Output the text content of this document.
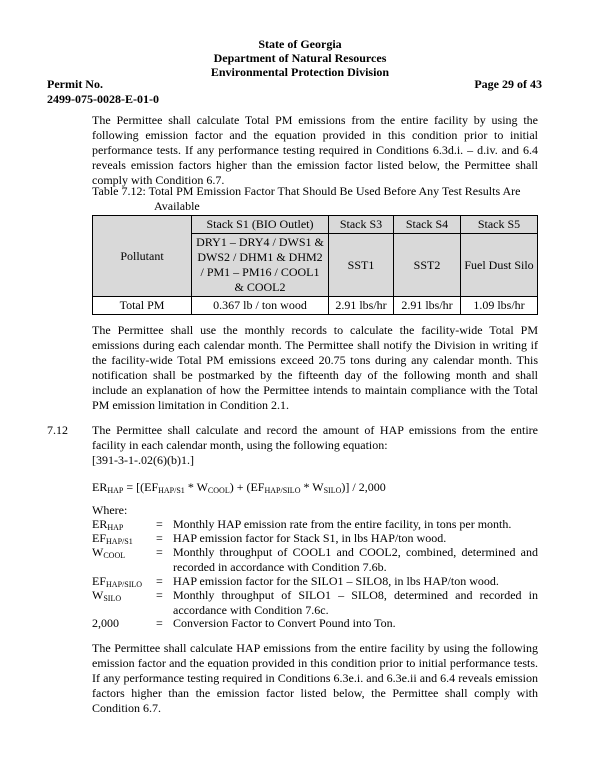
State of Georgia
Department of Natural Resources
Environmental Protection Division
Permit No.
2499-075-0028-E-01-0
Page 29 of 43
The Permittee shall calculate Total PM emissions from the entire facility by using the following emission factor and the equation provided in this condition prior to initial performance tests. If any performance testing required in Conditions 6.3d.i. – d.iv. and 6.4 reveals emission factors higher than the emission factor listed below, the Permittee shall comply with Condition 6.7.
Table 7.12: Total PM Emission Factor That Should Be Used Before Any Test Results Are
Available
Pollutant	Stack S1 (BIO Outlet)	Stack S3	Stack S4	Stack S5
	DRY1 – DRY4 / DWS1 & DWS2 / DHM1 & DHM2 / PM1 – PM16 / COOL1 & COOL2	SST1	SST2	Fuel Dust Silo
Total PM	0.367 lb / ton wood	2.91 lbs/hr	2.91 lbs/hr	1.09 lbs/hr
The Permittee shall use the monthly records to calculate the facility-wide Total PM emissions during each calendar month. The Permittee shall notify the Division in writing if the facility-wide Total PM emissions exceed 20.75 tons during any calendar month. This notification shall be postmarked by the fifteenth day of the following month and shall include an explanation of how the Permittee intends to maintain compliance with the Total PM emission limitation in Condition 2.1.
7.12 The Permittee shall calculate and record the amount of HAP emissions from the entire facility in each calendar month, using the following equation:
[391-3-1-.02(6)(b)1.]
$ER_{HAP} = [(EF_{HAP/S1} * W_{COOL}) + (EF_{HAP/SILO} * W_{SILO})] / 2,000$
Where:
$ER_{HAP}$	= Monthly HAP emission rate from the entire facility, in tons per month.
$EF_{HAP/S1}$ = HAP emission factor for Stack S1, in lbs HAP/ton wood.
$W_{COOL}$	= Monthly throughput of COOL1 and COOL2, combined, determined and recorded in accordance with Condition 7.6b.
$EF_{HAP/SILO}$ = HAP emission factor for the SILO1 – SILO8, in lbs HAP/ton wood.
$W_{SILO}$	= Monthly throughput of SILO1 – SILO8, determined and recorded in accordance with Condition 7.6c.
2,000	= Conversion Factor to Convert Pound into Ton.
The Permittee shall calculate HAP emissions from the entire facility by using the following emission factor and the equation provided in this condition prior to initial performance tests. If any performance testing required in Conditions 6.3e.i. and 6.3e.ii and 6.4 reveals emission factors higher than the emission factor listed below, the Permittee shall comply with Condition 6.7.
